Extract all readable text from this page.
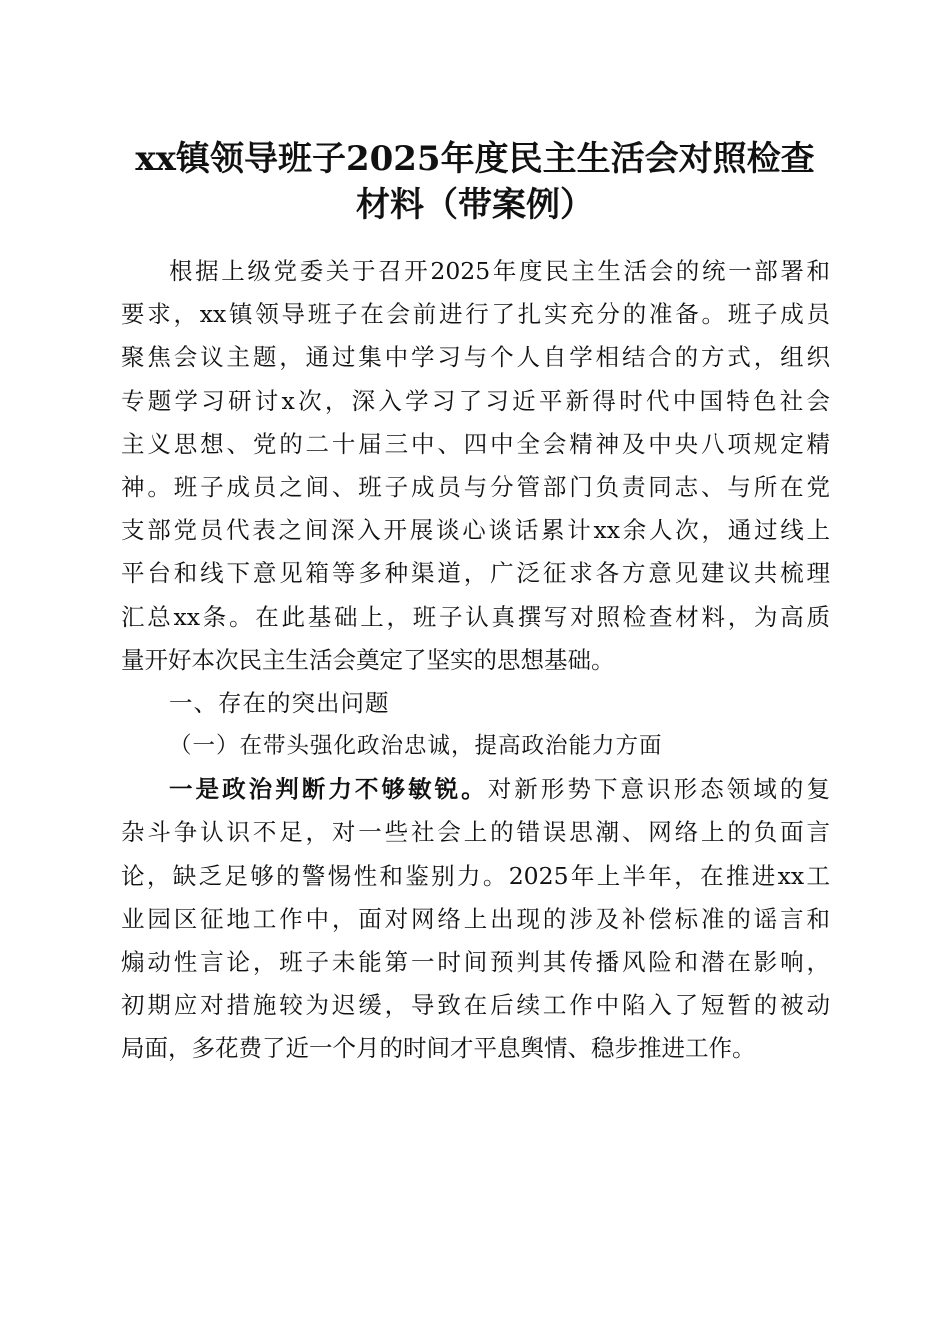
xx镇领导班子2025年度民主生活会对照检查
材料（带案例）
根据上级党委关于召开2025年度民主生活会的统一部署和
要求，xx镇领导班子在会前进行了扎实充分的准备。班子成员
聚焦会议主题，通过集中学习与个人自学相结合的方式，组织
专题学习研讨x次，深入学习了习近平新得时代中国特色社会
主义思想、党的二十届三中、四中全会精神及中央八项规定精
神。班子成员之间、班子成员与分管部门负责同志、与所在党
支部党员代表之间深入开展谈心谈话累计xx余人次，通过线上
平台和线下意见箱等多种渠道，广泛征求各方意见建议共梳理
汇总xx条。在此基础上，班子认真撰写对照检查材料，为高质
量开好本次民主生活会奠定了坚实的思想基础。
一、存在的突出问题
（一）在带头强化政治忠诚，提高政治能力方面
一是政治判断力不够敏锐。对新形势下意识形态领域的复
杂斗争认识不足，对一些社会上的错误思潮、网络上的负面言
论，缺乏足够的警惕性和鉴别力。2025年上半年，在推进xx工
业园区征地工作中，面对网络上出现的涉及补偿标准的谣言和
煽动性言论，班子未能第一时间预判其传播风险和潜在影响，
初期应对措施较为迟缓，导致在后续工作中陷入了短暂的被动
局面，多花费了近一个月的时间才平息舆情、稳步推进工作。
